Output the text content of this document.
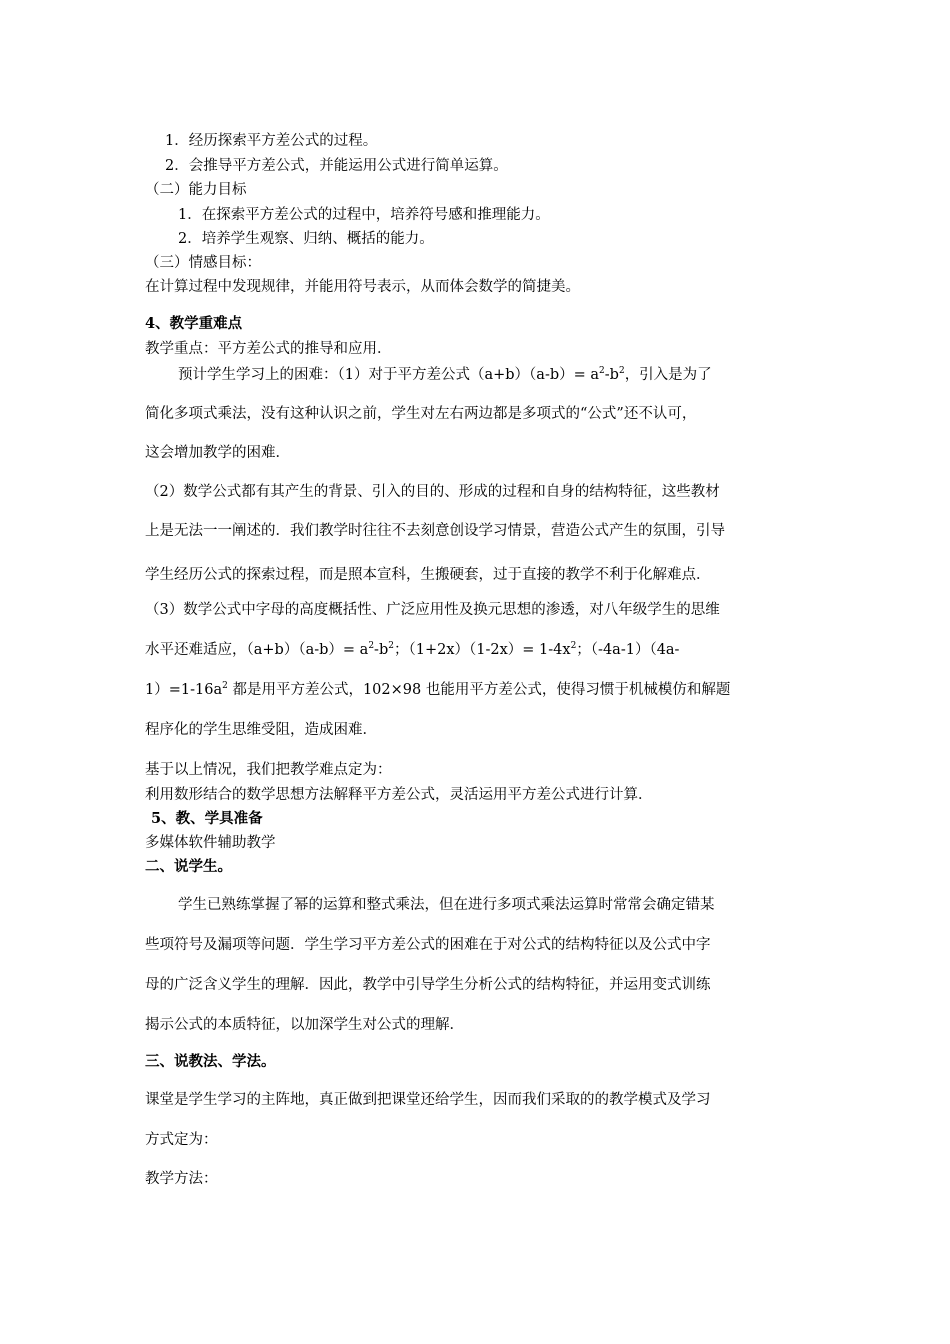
1．经历探索平方差公式的过程。
2．会推导平方差公式，并能运用公式进行简单运算。
（二）能力目标
1．在探索平方差公式的过程中，培养符号感和推理能力。
2．培养学生观察、归纳、概括的能力。
（三）情感目标：
在计算过程中发现规律，并能用符号表示，从而体会数学的简捷美。
4、教学重难点
教学重点：平方差公式的推导和应用．
预计学生学习上的困难：（1）对于平方差公式$(a+b)(a-b)= a^2-b^2$，引入是为了
简化多项式乘法，没有这种认识之前，学生对左右两边都是多项式的“公式”还不认可，
这会增加教学的困难．
（2）数学公式都有其产生的背景、引入的目的、形成的过程和自身的结构特征，这些教材
上是无法一一阐述的．我们教学时往往不去刻意创设学习情景，营造公式产生的氛围，引导
学生经历公式的探索过程，而是照本宣科，生搬硬套，过于直接的教学不利于化解难点．
（3）数学公式中字母的高度概括性、广泛应用性及换元思想的渗透，对八年级学生的思维
水平还难适应，$(a+b)(a-b)= a^2-b^2$；$(1+2x)(1-2x)= 1-4x^2$；（-4a-1）（4a-
$1)=1-16a^2$ 都是用平方差公式，102×98 也能用平方差公式，使得习惯于机械模仿和解题
程序化的学生思维受阻，造成困难．
基于以上情况，我们把教学难点定为：
利用数形结合的数学思想方法解释平方差公式，灵活运用平方差公式进行计算．
5、教、学具准备
多媒体软件辅助教学
二、说学生。
学生已熟练掌握了幂的运算和整式乘法，但在进行多项式乘法运算时常常会确定错某
些项符号及漏项等问题．学生学习平方差公式的困难在于对公式的结构特征以及公式中字
母的广泛含义学生的理解．因此，教学中引导学生分析公式的结构特征，并运用变式训练
揭示公式的本质特征，以加深学生对公式的理解．
三、说教法、学法。
课堂是学生学习的主阵地，真正做到把课堂还给学生，因而我们采取的的教学模式及学习
方式定为：
教学方法：
